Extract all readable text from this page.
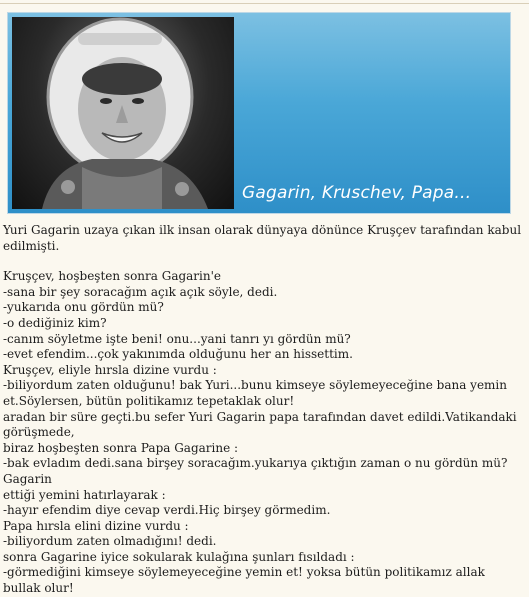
Gagarin, Kruschev, Papa...

Yuri Gagarin uzaya çıkan ilk insan olarak dünyaya dönünce Kruşçev tarafından kabul edilmişti.

Kruşçev, hoşbeşten sonra Gagarin'e

-sana bir şey soracağım açık açık söyle, dedi.

-yukarıda onu gördün mü?

-o dediğiniz kim?

-canım söyletme işte beni! onu...yani tanrı yı gördün mü?

-evet efendim...çok yakınımda olduğunu her an hissettim.

Kruşçev, eliyle hırsla dizine vurdu :

-biliyordum zaten olduğunu! bak Yuri...bunu kimseye söylemeyeceğine bana yemin

et.Söylersen, bütün politikamız tepetaklak olur!

aradan bir süre geçti.bu sefer Yuri Gagarin papa tarafından davet edildi.Vatikandaki görüşmede,

biraz hoşbeşten sonra Papa Gagarine :

-bak evladım dedi.sana birşey soracağım.yukarıya çıktığın zaman o nu gördün mü? Gagarin

ettiği yemini hatırlayarak :

-hayır efendim diye cevap verdi.Hiç birşey görmedim.

Papa hırsla elini dizine vurdu :

-biliyordum zaten olmadığını! dedi.

sonra Gagarine iyice sokularak kulağına şunları fısıldadı :

-görmediğini kimseye söylemeyeceğine yemin et! yoksa bütün politikamız allak bullak olur!
